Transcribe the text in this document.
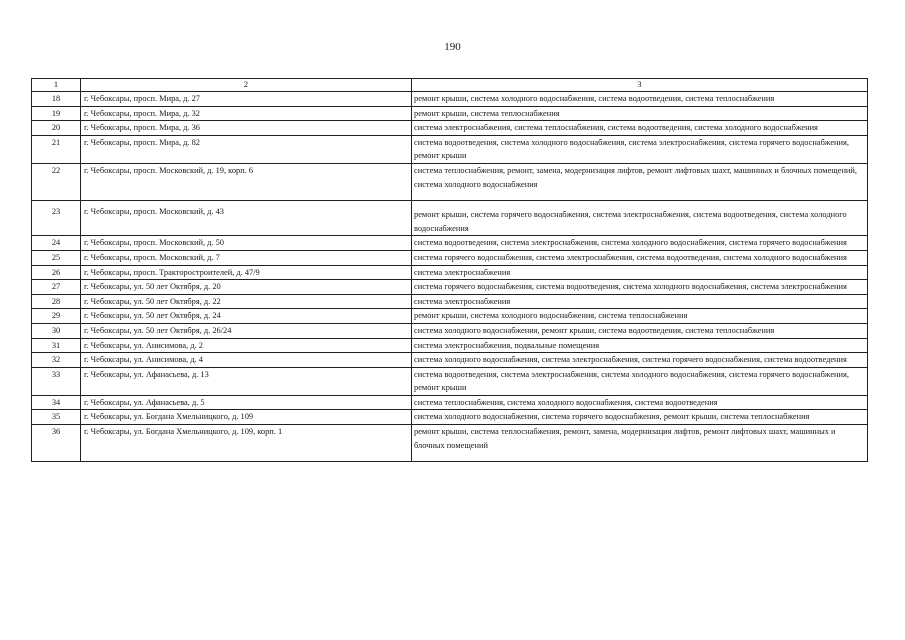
190
1	2	3
18	г. Чебоксары, просп. Мира, д. 27	ремонт крыши, система холодного водоснабжения, система водоотведения, система теплоснабжения
19	г. Чебоксары, просп. Мира, д. 32	ремонт крыши, система теплоснабжения
20	г. Чебоксары, просп. Мира, д. 36	система электроснабжения, система теплоснабжения, система водоотведения, система холодного водоснабжения
21	г. Чебоксары, просп. Мира, д. 82	система водоотведения, система холодного водоснабжения, система электроснабжения, система горячего водоснабжения, ремонт крыши
22	г. Чебоксары, просп. Московский, д. 19, корп. 6	система теплоснабжения, ремонт, замена, модернизация лифтов, ремонт лифтовых шахт, машинных и блочных помещений, система холодного водоснабжения
23	г. Чебоксары, просп. Московский, д. 43	ремонт крыши, система горячего водоснабжения, система электроснабжения, система водоотведения, система холодного водоснабжения
24	г. Чебоксары, просп. Московский, д. 50	система водоотведения, система электроснабжения, система холодного водоснабжения, система горячего водоснабжения
25	г. Чебоксары, просп. Московский, д. 7	система горячего водоснабжения, система электроснабжения, система водоотведения, система холодного водоснабжения
26	г. Чебоксары, просп. Тракторостроителей, д. 47/9	система электроснабжения
27	г. Чебоксары, ул. 50 лет Октября, д. 20	система горячего водоснабжения, система водоотведения, система холодного водоснабжения, система электроснабжения
28	г. Чебоксары, ул. 50 лет Октября, д. 22	система электроснабжения
29	г. Чебоксары, ул. 50 лет Октября, д. 24	ремонт крыши, система холодного водоснабжения, система теплоснабжения
30	г. Чебоксары, ул. 50 лет Октября, д. 26/24	система холодного водоснабжения, ремонт крыши, система водоотведения, система теплоснабжения
31	г. Чебоксары, ул. Анисимова, д. 2	система электроснабжения, подвальные помещения
32	г. Чебоксары, ул. Анисимова, д. 4	система холодного водоснабжения, система электроснабжения, система горячего водоснабжения, система водоотведения
33	г. Чебоксары, ул. Афанасьева, д. 13	система водоотведения, система электроснабжения, система холодного водоснабжения, система горячего водоснабжения, ремонт крыши
34	г. Чебоксары, ул. Афанасьева, д. 5	система теплоснабжения, система холодного водоснабжения, система водоотведения
35	г. Чебоксары, ул. Богдана Хмельницкого, д. 109	система холодного водоснабжения, система горячего водоснабжения, ремонт крыши, система теплоснабжения
36	г. Чебоксары, ул. Богдана Хмельницкого, д. 109, корп. 1	ремонт крыши, система теплоснабжения, ремонт, замена, модернизация лифтов, ремонт лифтовых шахт, машинных и блочных помещений
